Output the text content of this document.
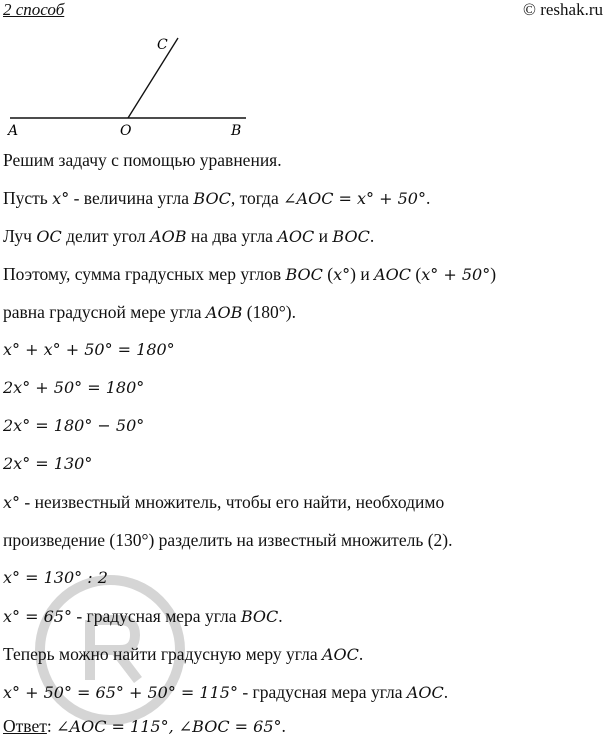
2 способ	© reshak.ru
C
A	O	B
Решим задачу с помощью уравнения.
Пусть x° - величина угла BOC, тогда ∠AOC = x° + 50°.
Луч OC делит угол AOB на два угла AOC и BOC.
Поэтому, сумма градусных мер углов BOC (x°) и AOC (x° + 50°)
равна градусной мере угла AOB (180°).
x° + x° + 50° = 180°
2x° + 50° = 180°
2x° = 180° − 50°
2x° = 130°
x° - неизвестный множитель, чтобы его найти, необходимо
произведение (130°) разделить на известный множитель (2).
x° = 130° : 2
x° = 65° - градусная мера угла BOC.
Теперь можно найти градусную меру угла AOC.
x° + 50° = 65° + 50° = 115° - градусная мера угла AOC.
Ответ: ∠AOC = 115°, ∠BOC = 65°.
